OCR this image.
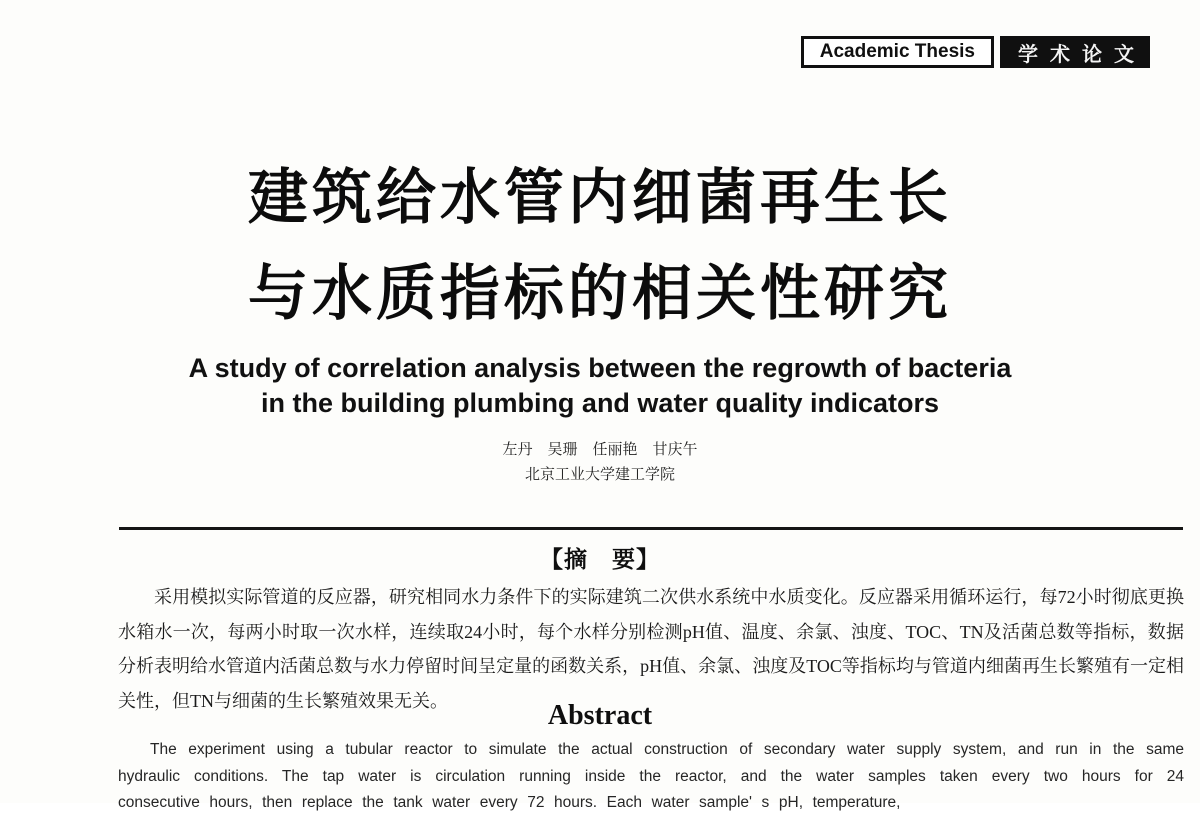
Academic Thesis	学术论文
建筑给水管内细菌再生长
与水质指标的相关性研究
A study of correlation analysis between the regrowth of bacteria
in the building plumbing and water quality indicators
左丹　吴珊　任丽艳　甘庆午
北京工业大学建工学院
【摘　要】

采用模拟实际管道的反应器，研究相同水力条件下的实际建筑二次供水系统中水质变化。反应器采用循环运行，每72小时彻底更换水箱水一次，每两小时取一次水样，连续取24小时，每个水样分别检测pH值、温度、余氯、浊度、TOC、TN及活菌总数等指标，数据分析表明给水管道内活菌总数与水力停留时间呈定量的函数关系，pH值、余氯、浊度及TOC等指标均与管道内细菌再生长繁殖有一定相关性，但TN与细菌的生长繁殖效果无关。	Abstract

The experiment using a tubular reactor to simulate the actual construction of secondary water supply system, and run in the same hydraulic conditions. The tap water is circulation running inside the reactor, and the water samples taken every two hours for 24 consecutive hours, then replace the tank water every 72 hours. Each water sample' s pH, temperature,
